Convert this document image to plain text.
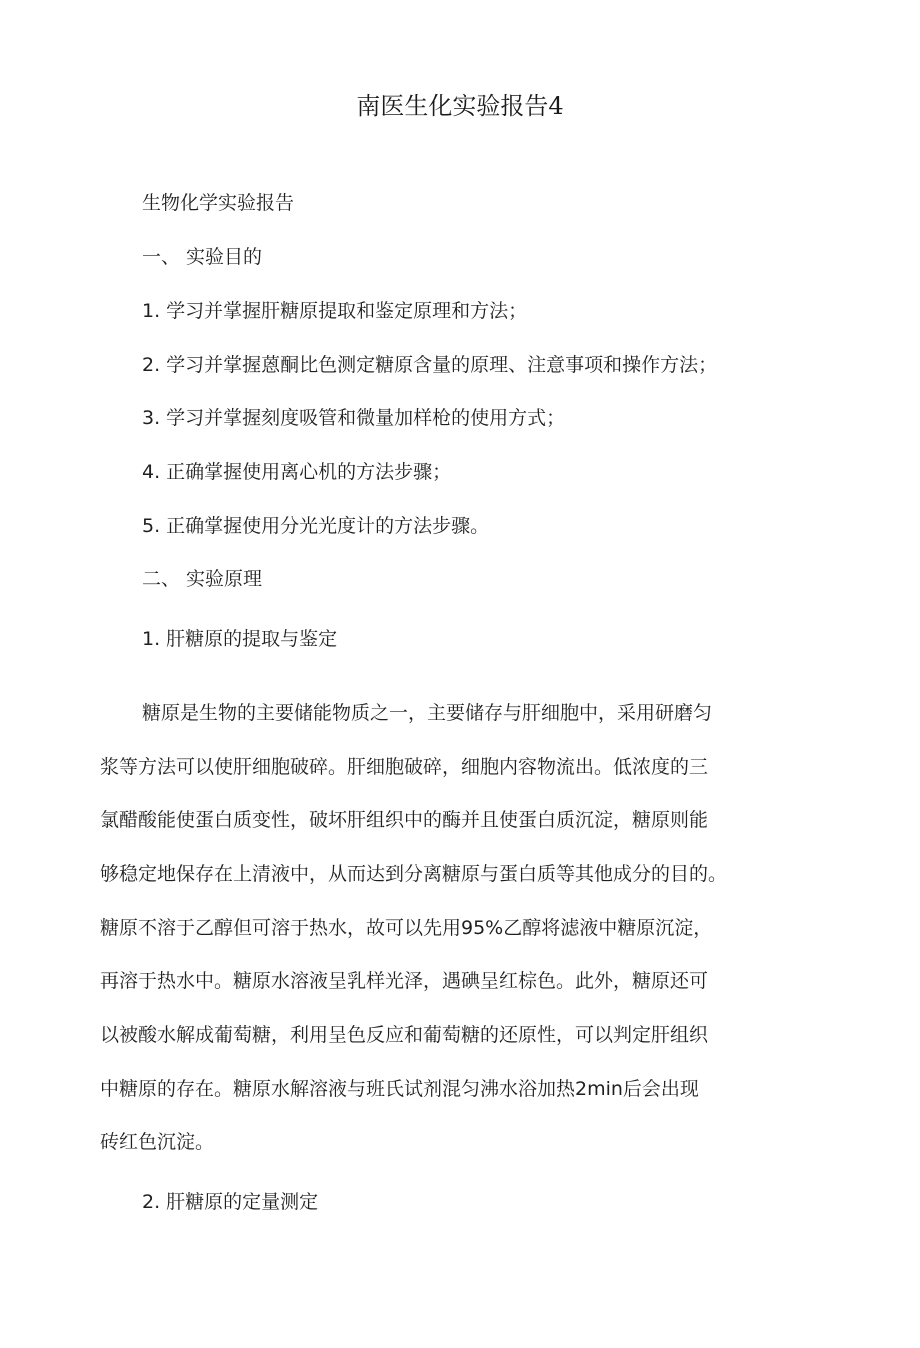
南医生化实验报告4

生物化学实验报告

一、 实验目的

1. 学习并掌握肝糖原提取和鉴定原理和方法；

2. 学习并掌握蒽酮比色测定糖原含量的原理、注意事项和操作方法；

3. 学习并掌握刻度吸管和微量加样枪的使用方式；

4. 正确掌握使用离心机的方法步骤；

5. 正确掌握使用分光光度计的方法步骤。

二、 实验原理

1. 肝糖原的提取与鉴定

糖原是生物的主要储能物质之一，主要储存与肝细胞中，采用研磨匀

浆等方法可以使肝细胞破碎。肝细胞破碎，细胞内容物流出。低浓度的三

氯醋酸能使蛋白质变性，破坏肝组织中的酶并且使蛋白质沉淀，糖原则能

够稳定地保存在上清液中，从而达到分离糖原与蛋白质等其他成分的目的。

糖原不溶于乙醇但可溶于热水，故可以先用95%乙醇将滤液中糖原沉淀，

再溶于热水中。糖原水溶液呈乳样光泽，遇碘呈红棕色。此外，糖原还可

以被酸水解成葡萄糖，利用呈色反应和葡萄糖的还原性，可以判定肝组织

中糖原的存在。糖原水解溶液与班氏试剂混匀沸水浴加热2min后会出现

砖红色沉淀。

2. 肝糖原的定量测定
